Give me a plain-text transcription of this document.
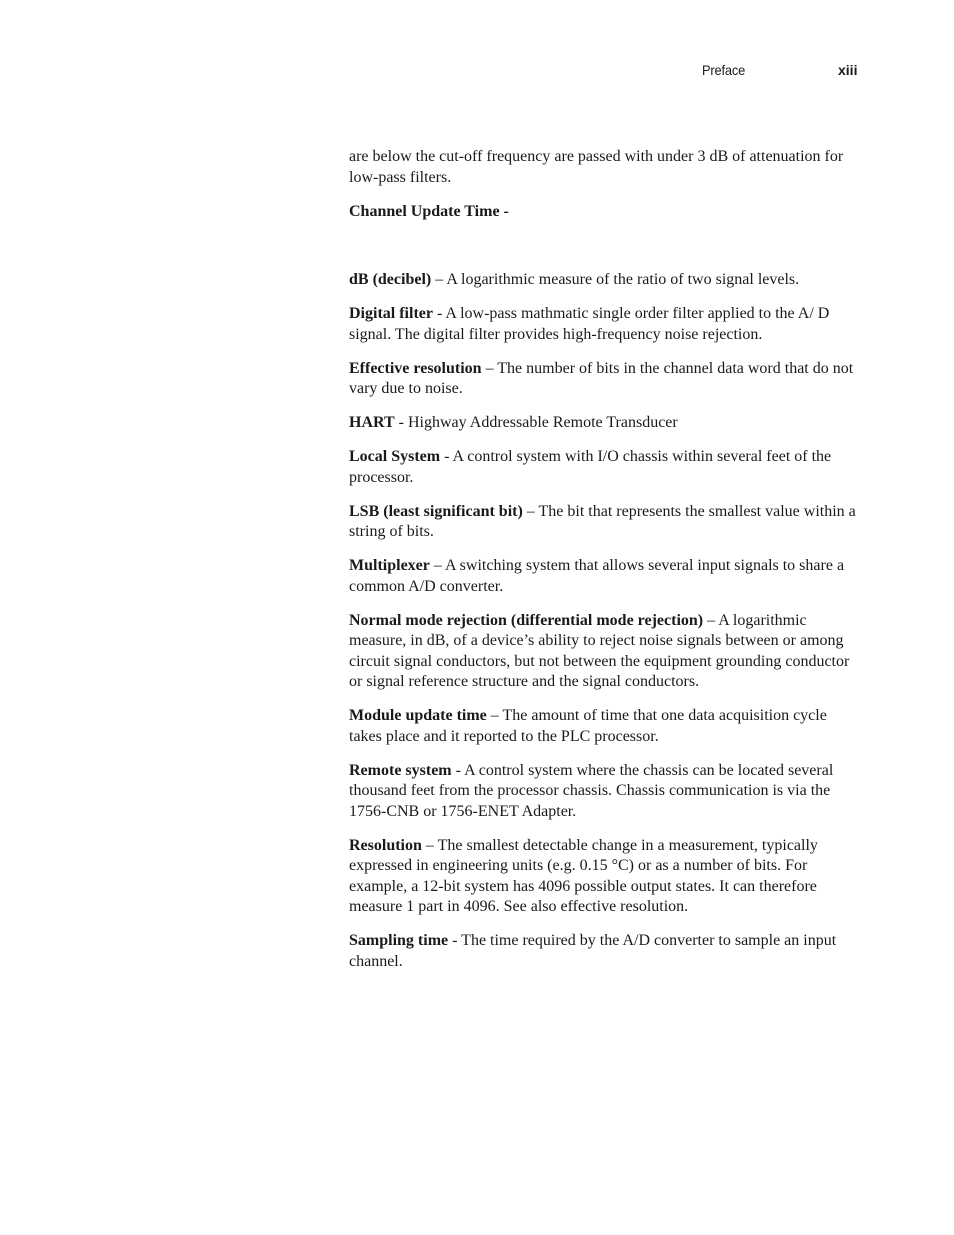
Preface	xiii

are below the cut-off frequency are passed with under 3 dB of attenuation for low-pass filters.

Channel Update Time -

dB (decibel) – A logarithmic measure of the ratio of two signal levels.

Digital filter - A low-pass mathmatic single order filter applied to the A/ D signal. The digital filter provides high-frequency noise rejection.

Effective resolution – The number of bits in the channel data word that do not vary due to noise.

HART - Highway Addressable Remote Transducer

Local System - A control system with I/O chassis within several feet of the processor.

LSB (least significant bit) – The bit that represents the smallest value within a string of bits.

Multiplexer – A switching system that allows several input signals to share a common A/D converter.

Normal mode rejection (differential mode rejection) – A logarithmic measure, in dB, of a device’s ability to reject noise signals between or among circuit signal conductors, but not between the equipment grounding conductor or signal reference structure and the signal conductors.

Module update time – The amount of time that one data acquisition cycle takes place and it reported to the PLC processor.

Remote system - A control system where the chassis can be located several thousand feet from the processor chassis. Chassis communication is via the 1756-CNB or 1756-ENET Adapter.

Resolution – The smallest detectable change in a measurement, typically expressed in engineering units (e.g. 0.15 °C) or as a number of bits. For example, a 12-bit system has 4096 possible output states. It can therefore measure 1 part in 4096. See also effective resolution.

Sampling time - The time required by the A/D converter to sample an input channel.
